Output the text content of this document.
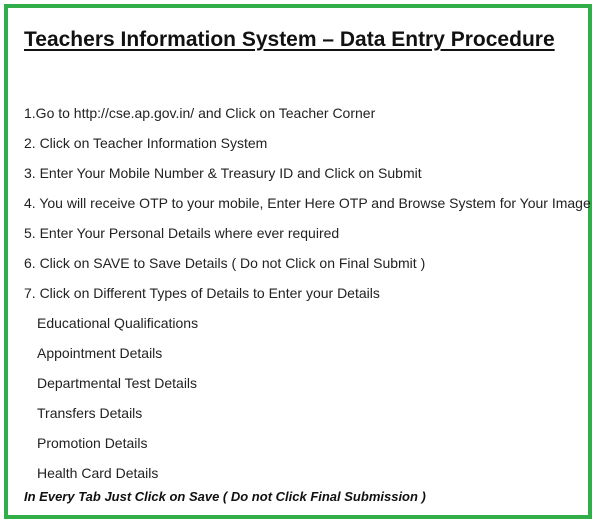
Teachers Information System – Data Entry Procedure
1.Go to http://cse.ap.gov.in/ and Click on Teacher Corner
2. Click on Teacher Information System
3. Enter Your Mobile Number & Treasury ID and Click on Submit
4. You will receive OTP to your mobile, Enter Here OTP and Browse System for Your Image
5. Enter Your Personal Details where ever required
6. Click on SAVE to Save Details ( Do not Click on Final Submit )
7. Click on Different Types of Details to Enter your Details
Educational Qualifications
Appointment Details
Departmental Test Details
Transfers Details
Promotion Details
Health Card Details
In Every Tab Just Click on Save ( Do not Click Final Submission )
